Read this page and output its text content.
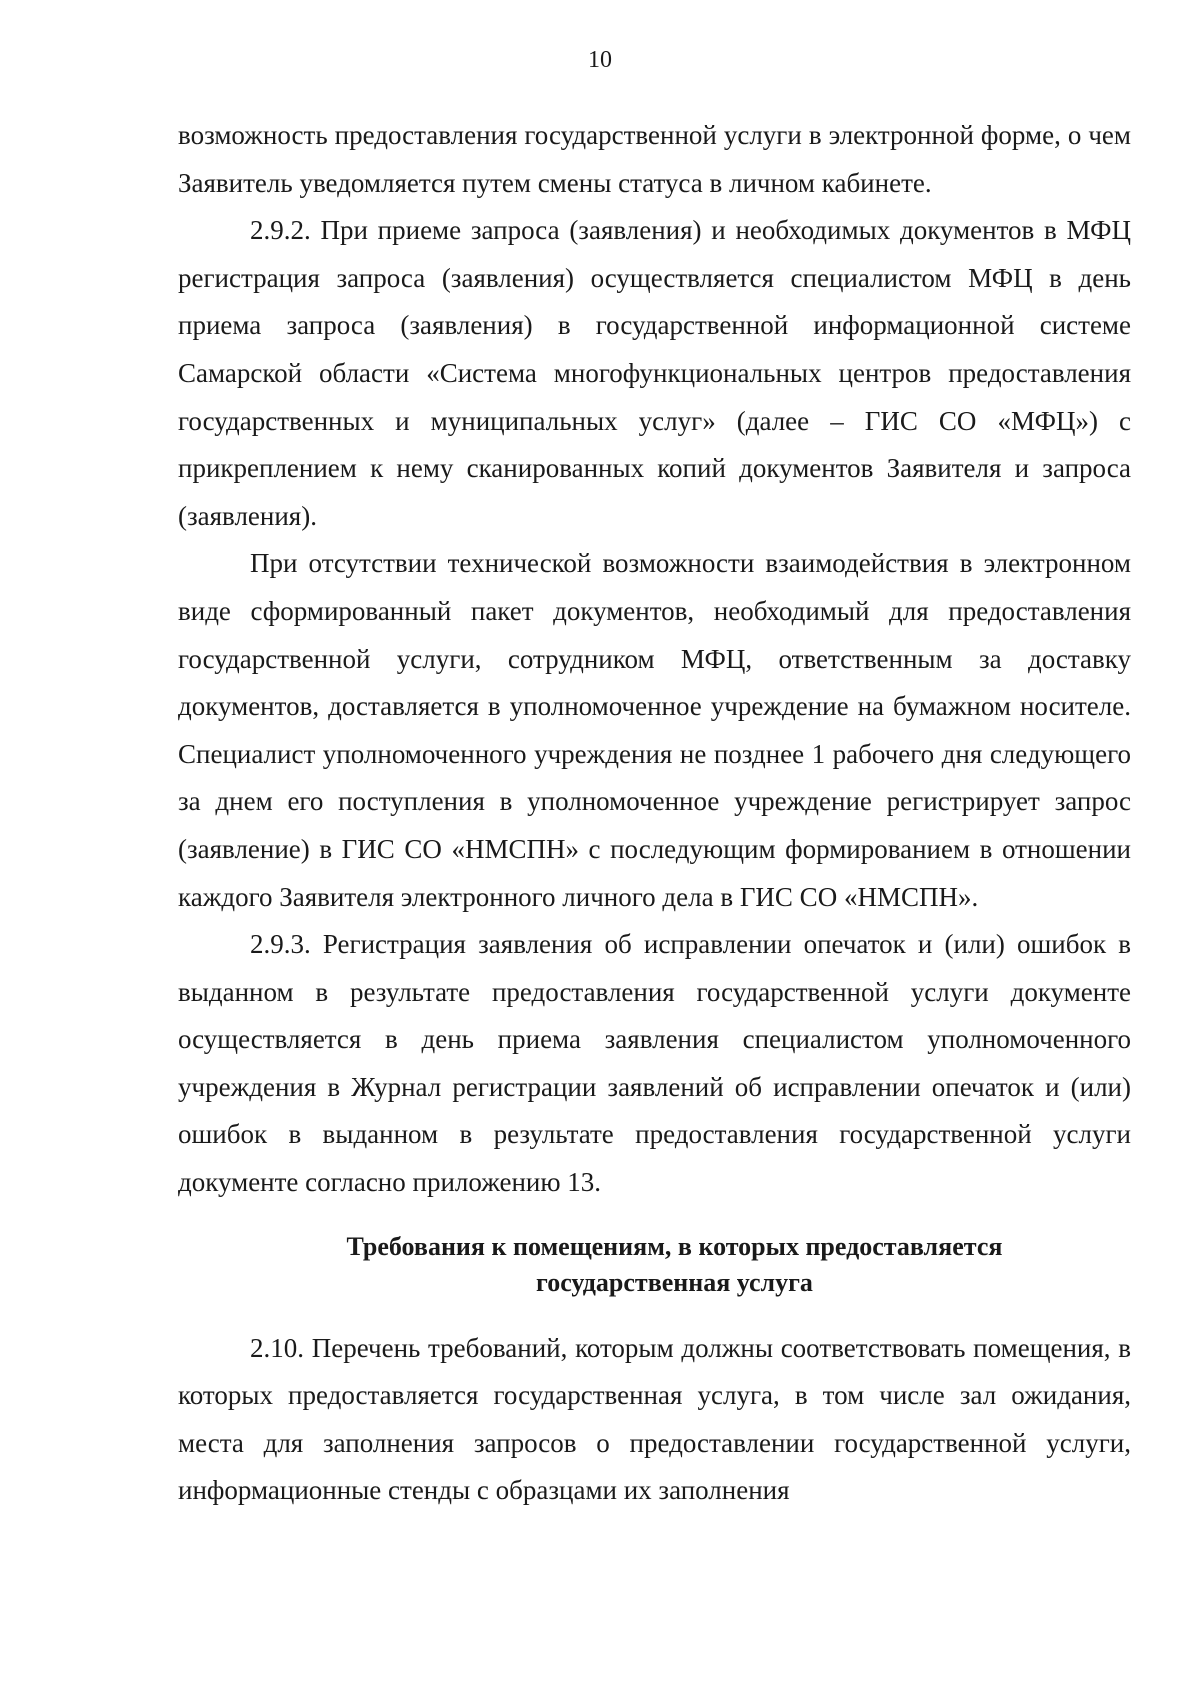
10

возможность предоставления государственной услуги в электронной форме, о чем Заявитель уведомляется путем смены статуса в личном кабинете.

2.9.2. При приеме запроса (заявления) и необходимых документов в МФЦ регистрация запроса (заявления) осуществляется специалистом МФЦ в день приема запроса (заявления) в государственной информационной системе Самарской области «Система многофункциональных центров предоставления государственных и муниципальных услуг» (далее – ГИС СО «МФЦ») с прикреплением к нему сканированных копий документов Заявителя и запроса (заявления).

При отсутствии технической возможности взаимодействия в электронном виде сформированный пакет документов, необходимый для предоставления государственной услуги, сотрудником МФЦ, ответственным за доставку документов, доставляется в уполномоченное учреждение на бумажном носителе. Специалист уполномоченного учреждения не позднее 1 рабочего дня следующего за днем его поступления в уполномоченное учреждение регистрирует запрос (заявление) в ГИС СО «НМСПН» с последующим формированием в отношении каждого Заявителя электронного личного дела в ГИС СО «НМСПН».

2.9.3. Регистрация заявления об исправлении опечаток и (или) ошибок в выданном в результате предоставления государственной услуги документе осуществляется в день приема заявления специалистом уполномоченного учреждения в Журнал регистрации заявлений об исправлении опечаток и (или) ошибок в выданном в результате предоставления государственной услуги документе согласно приложению 13.

Требования к помещениям, в которых предоставляется
государственная услуга

2.10. Перечень требований, которым должны соответствовать помещения, в которых предоставляется государственная услуга, в том числе зал ожидания, места для заполнения запросов о предоставлении государственной услуги, информационные стенды с образцами их заполнения
